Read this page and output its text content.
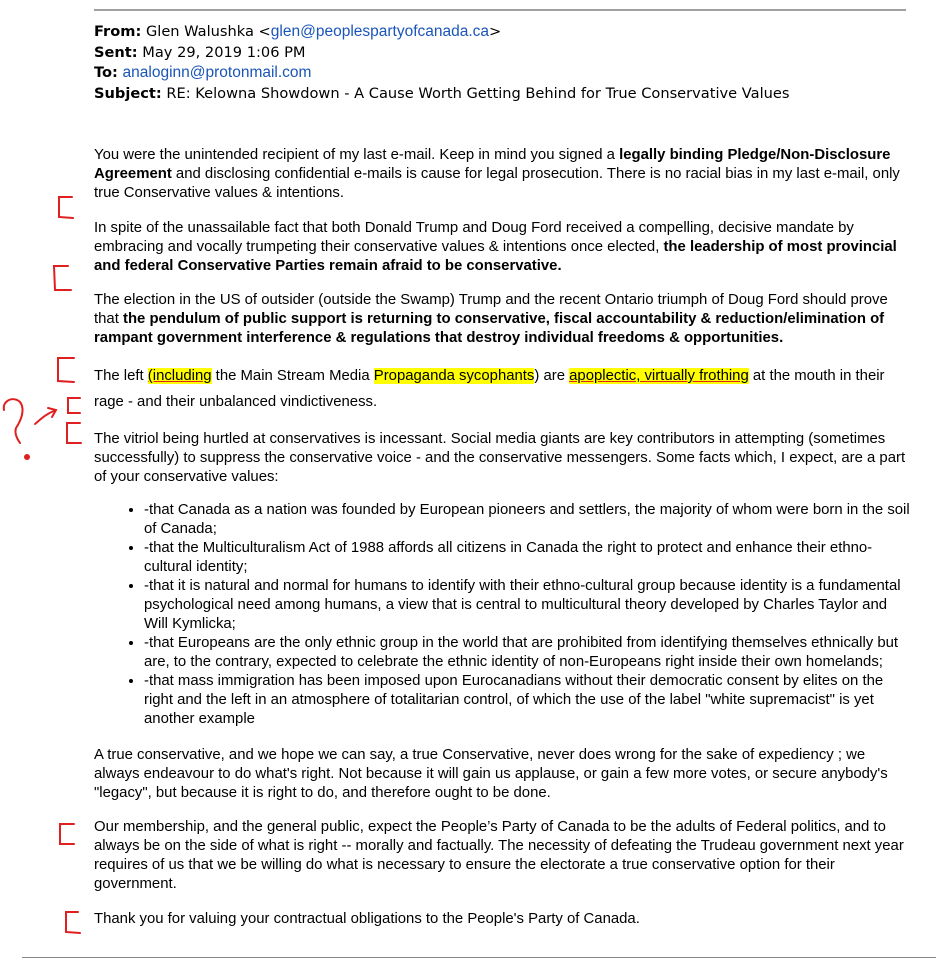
From: Glen Walushka <glen@peoplespartyofcanada.ca>
Sent: May 29, 2019 1:06 PM
To: analoginn@protonmail.com
Subject: RE: Kelowna Showdown - A Cause Worth Getting Behind for True Conservative Values

You were the unintended recipient of my last e-mail. Keep in mind you signed a legally binding Pledge/Non-Disclosure Agreement and disclosing confidential e-mails is cause for legal prosecution. There is no racial bias in my last e-mail, only true Conservative values & intentions.

In spite of the unassailable fact that both Donald Trump and Doug Ford received a compelling, decisive mandate by embracing and vocally trumpeting their conservative values & intentions once elected, the leadership of most provincial and federal Conservative Parties remain afraid to be conservative.

The election in the US of outsider (outside the Swamp) Trump and the recent Ontario triumph of Doug Ford should prove that the pendulum of public support is returning to conservative, fiscal accountability & reduction/elimination of rampant government interference & regulations that destroy individual freedoms & opportunities.

The left (including the Main Stream Media Propaganda sycophants) are apoplectic, virtually frothing at the mouth in their rage - and their unbalanced vindictiveness.

The vitriol being hurtled at conservatives is incessant. Social media giants are key contributors in attempting (sometimes successfully) to suppress the conservative voice - and the conservative messengers. Some facts which, I expect, are a part of your conservative values:

• -that Canada as a nation was founded by European pioneers and settlers, the majority of whom were born in the soil of Canada;
• -that the Multiculturalism Act of 1988 affords all citizens in Canada the right to protect and enhance their ethno-cultural identity;
• -that it is natural and normal for humans to identify with their ethno-cultural group because identity is a fundamental psychological need among humans, a view that is central to multicultural theory developed by Charles Taylor and Will Kymlicka;
• -that Europeans are the only ethnic group in the world that are prohibited from identifying themselves ethnically but are, to the contrary, expected to celebrate the ethnic identity of non-Europeans right inside their own homelands;
• -that mass immigration has been imposed upon Eurocanadians without their democratic consent by elites on the right and the left in an atmosphere of totalitarian control, of which the use of the label "white supremacist" is yet another example

A true conservative, and we hope we can say, a true Conservative, never does wrong for the sake of expediency ; we always endeavour to do what's right. Not because it will gain us applause, or gain a few more votes, or secure anybody's "legacy", but because it is right to do, and therefore ought to be done.

Our membership, and the general public, expect the People’s Party of Canada to be the adults of Federal politics, and to always be on the side of what is right -- morally and factually. The necessity of defeating the Trudeau government next year requires of us that we be willing do what is necessary to ensure the electorate a true conservative option for their government.

Thank you for valuing your contractual obligations to the People's Party of Canada.
